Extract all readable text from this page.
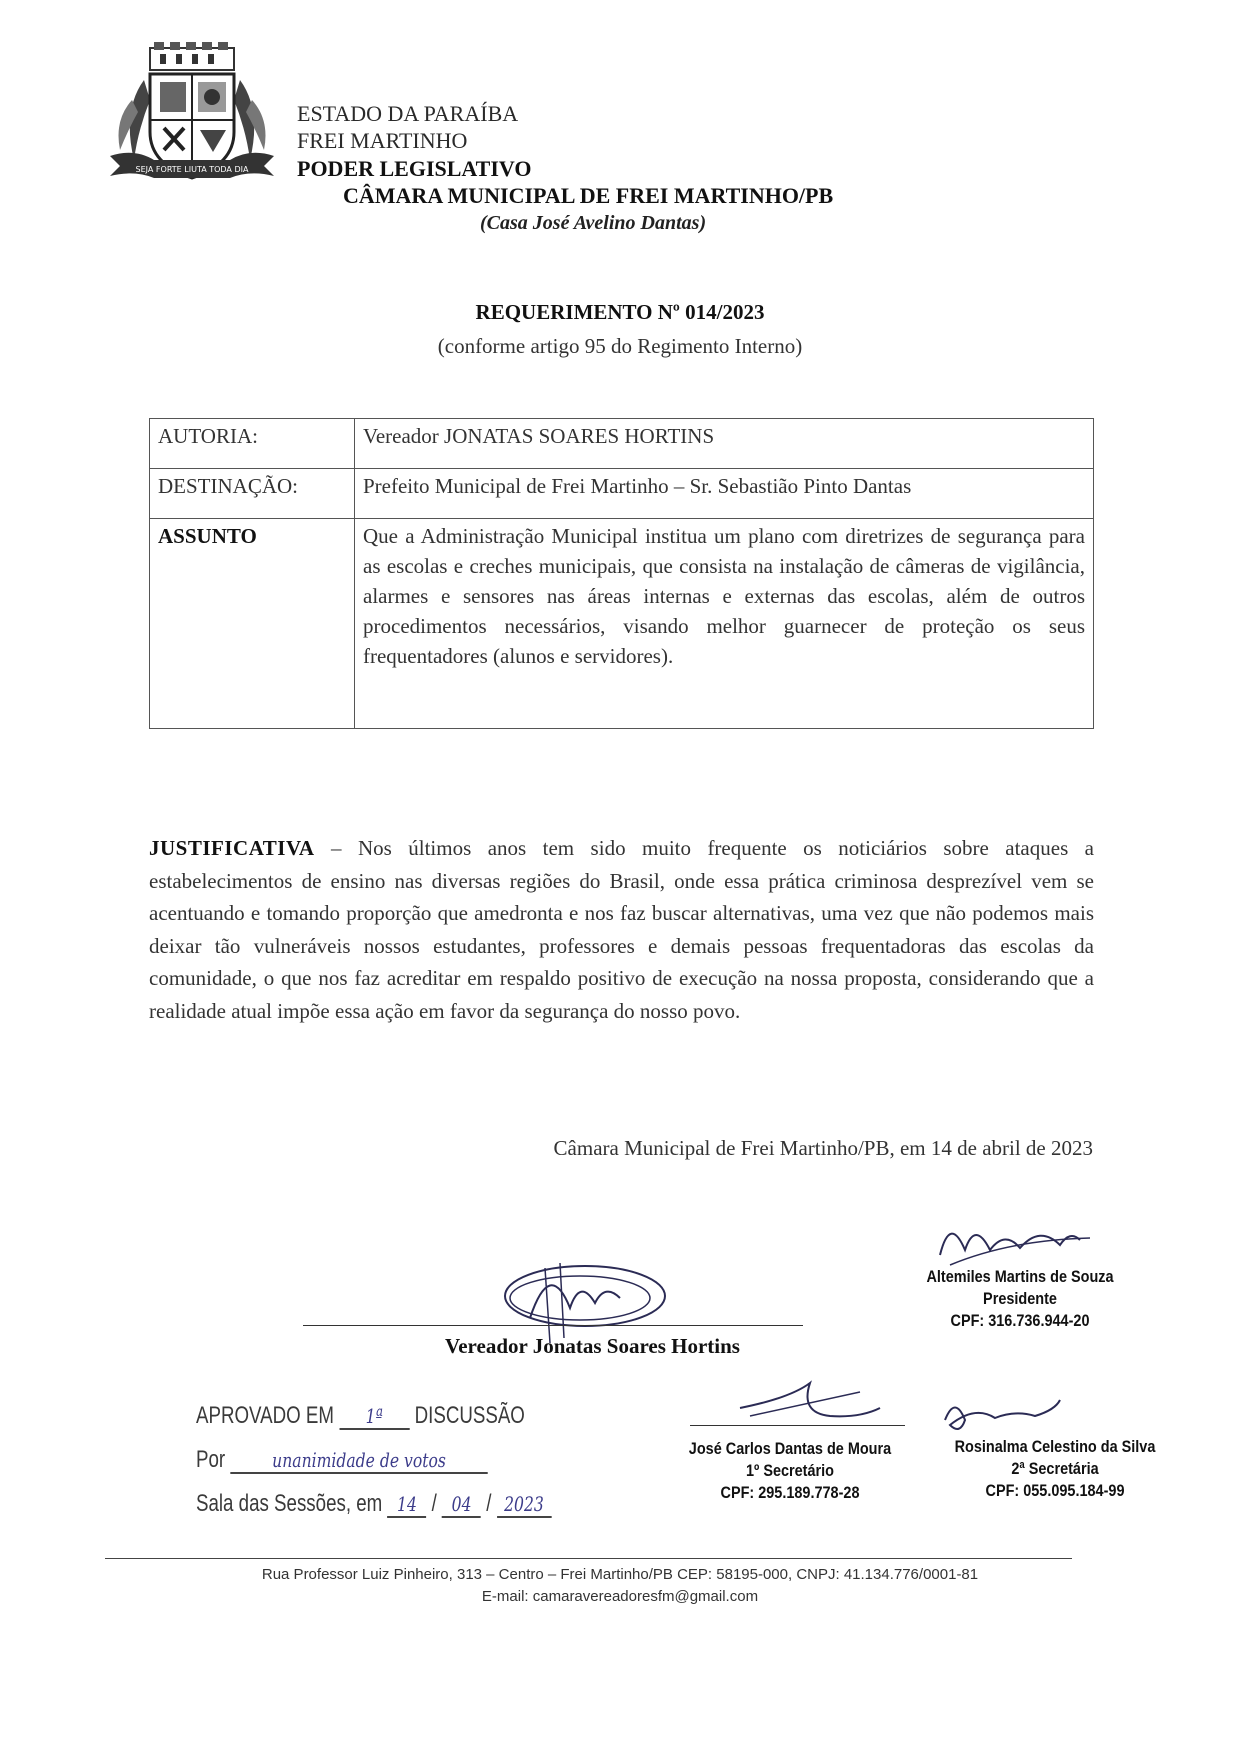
SEJA FORTE LIUTA TODA DIA
ESTADO DA PARAÍBA
FREI MARTINHO
PODER LEGISLATIVO
CÂMARA MUNICIPAL DE FREI MARTINHO/PB
(Casa José Avelino Dantas)
REQUERIMENTO Nº 014/2023
(conforme artigo 95 do Regimento Interno)
AUTORIA:	Vereador JONATAS SOARES HORTINS
DESTINAÇÃO:	Prefeito Municipal de Frei Martinho – Sr. Sebastião Pinto Dantas
ASSUNTO	Que a Administração Municipal institua um plano com diretrizes de segurança para as escolas e creches municipais, que consista na instalação de câmeras de vigilância, alarmes e sensores nas áreas internas e externas das escolas, além de outros procedimentos necessários, visando melhor guarnecer de proteção os seus frequentadores (alunos e servidores).
JUSTIFICATIVA – Nos últimos anos tem sido muito frequente os noticiários sobre ataques a estabelecimentos de ensino nas diversas regiões do Brasil, onde essa prática criminosa desprezível vem se acentuando e tomando proporção que amedronta e nos faz buscar alternativas, uma vez que não podemos mais deixar tão vulneráveis nossos estudantes, professores e demais pessoas frequentadoras das escolas da comunidade, o que nos faz acreditar em respaldo positivo de execução na nossa proposta, considerando que a realidade atual impõe essa ação em favor da segurança do nosso povo.
Câmara Municipal de Frei Martinho/PB, em 14 de abril de 2023
Altemiles Martins de Souza
Presidente
CPF: 316.736.944-20
Vereador Jonatas Soares Hortins
APROVADO EM 1ª DISCUSSÃO
Por unanimidade de votos
Sala das Sessões, em 14 / 04 / 2023
José Carlos Dantas de Moura
1º Secretário
CPF: 295.189.778-28
Rosinalma Celestino da Silva
2ª Secretária
CPF: 055.095.184-99
Rua Professor Luiz Pinheiro, 313 – Centro – Frei Martinho/PB CEP: 58195-000, CNPJ: 41.134.776/0001-81
E-mail: camaravereadoresfm@gmail.com
